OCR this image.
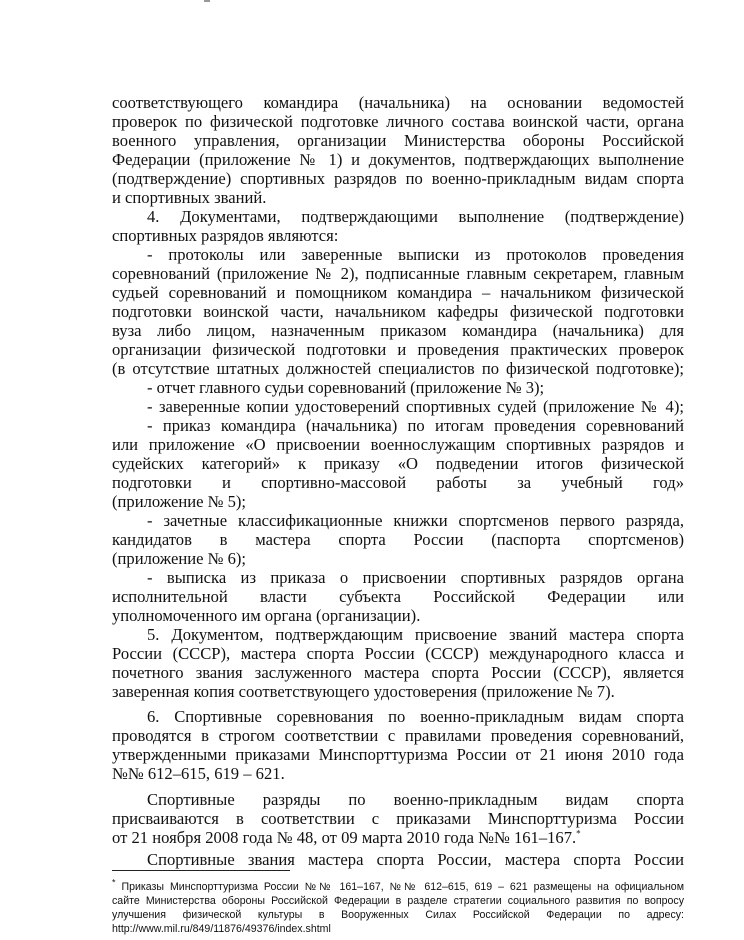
соответствующего командира (начальника) на основании ведомостей
проверок по физической подготовке личного состава воинской части, органа
военного управления, организации Министерства обороны Российской
Федерации (приложение № 1) и документов, подтверждающих выполнение
(подтверждение) спортивных разрядов по военно-прикладным видам спорта
и спортивных званий.
4. Документами, подтверждающими выполнение (подтверждение)
спортивных разрядов являются:
- протоколы или заверенные выписки из протоколов проведения
соревнований (приложение № 2), подписанные главным секретарем, главным
судьей соревнований и помощником командира – начальником физической
подготовки воинской части, начальником кафедры физической подготовки
вуза либо лицом, назначенным приказом командира (начальника) для
организации физической подготовки и проведения практических проверок
(в отсутствие штатных должностей специалистов по физической подготовке);
- отчет главного судьи соревнований (приложение № 3);
- заверенные копии удостоверений спортивных судей (приложение № 4);
- приказ командира (начальника) по итогам проведения соревнований
или приложение «О присвоении военнослужащим спортивных разрядов и
судейских категорий» к приказу «О подведении итогов физической
подготовки и спортивно-массовой работы за учебный год»
(приложение № 5);
- зачетные классификационные книжки спортсменов первого разряда,
кандидатов в мастера спорта России (паспорта спортсменов)
(приложение № 6);
- выписка из приказа о присвоении спортивных разрядов органа
исполнительной власти субъекта Российской Федерации или
уполномоченного им органа (организации).
5. Документом, подтверждающим присвоение званий мастера спорта
России (СССР), мастера спорта России (СССР) международного класса и
почетного звания заслуженного мастера спорта России (СССР), является
заверенная копия соответствующего удостоверения (приложение № 7).
6. Спортивные соревнования по военно-прикладным видам спорта
проводятся в строгом соответствии с правилами проведения соревнований,
утвержденными приказами Минспорттуризма России от 21 июня 2010 года
№№ 612–615, 619 – 621.
Спортивные разряды по военно-прикладным видам спорта
присваиваются в соответствии с приказами Минспорттуризма России
от 21 ноября 2008 года № 48, от 09 марта 2010 года №№ 161–167.*
Спортивные звания мастера спорта России, мастера спорта России
* Приказы Минспорттуризма России №№ 161–167, №№ 612–615, 619 – 621 размещены на официальном
сайте Министерства обороны Российской Федерации в разделе стратегии социального развития по вопросу
улучшения физической культуры в Вооруженных Силах Российской Федерации по адресу:
http://www.mil.ru/849/11876/49376/index.shtml
